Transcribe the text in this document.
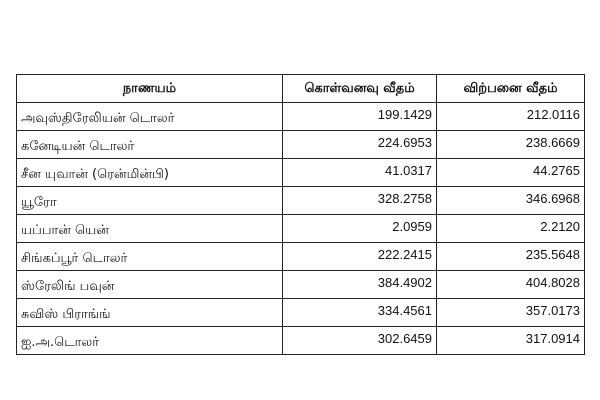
நாணயம்	கொள்வனவு வீதம்	விற்பனை வீதம்
அவுஸ்திரேலியன் டொலர்	199.1429	212.0116
கனேடியன் டொலர்	224.6953	238.6669
சீன யுவான் (ரென்மின்பி)	41.0317	44.2765
யூரோ	328.2758	346.6968
யப்பான் யென்	2.0959	2.2120
சிங்கப்பூர் டொலர்	222.2415	235.5648
ஸ்ரேலிங் பவுன்	384.4902	404.8028
சுவிஸ் பிராங்ங்	334.4561	357.0173
ஐ.அ.டொலர்	302.6459	317.0914
